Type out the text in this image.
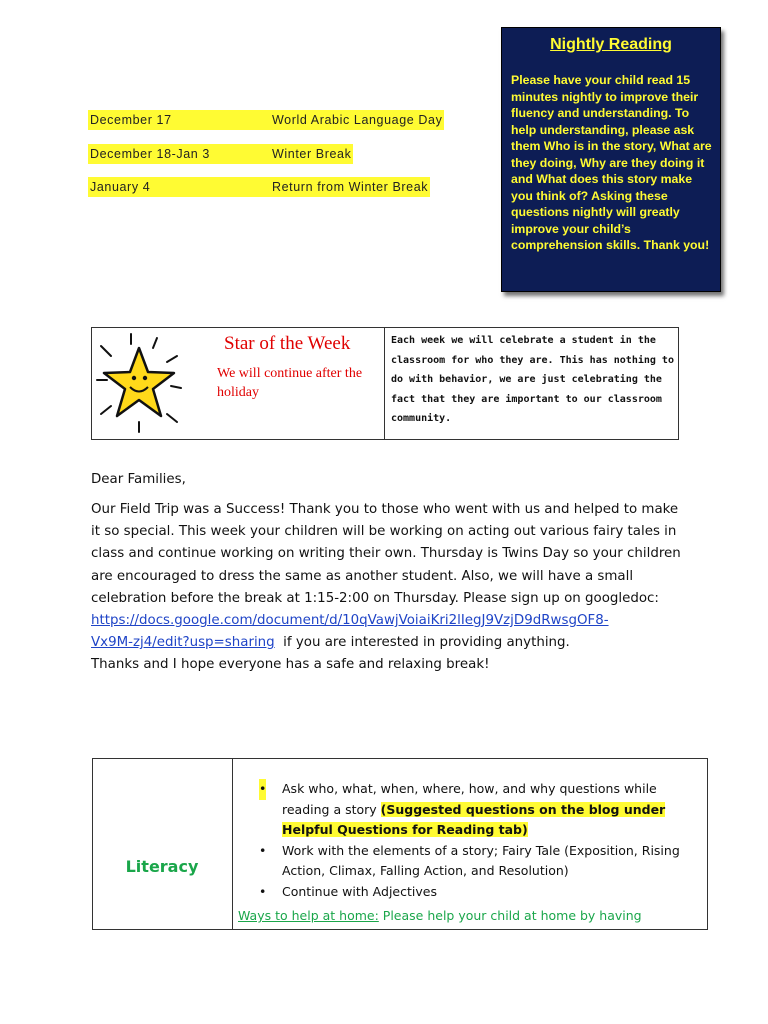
December 17	World Arabic Language Day
December 18-Jan 3	Winter Break
January 4	Return from Winter Break
Nightly Reading
Please have your child read 15 minutes nightly to improve their fluency and understanding. To help understanding, please ask them Who is in the story, What are they doing, Why are they doing it and What does this story make you think of? Asking these questions nightly will greatly improve your child’s comprehension skills. Thank you!
Star of the Week
We will continue after the holiday
Each week we will celebrate a student in the classroom for who they are. This has nothing to do with behavior, we are just celebrating the fact that they are important to our classroom community.
Dear Families,
Our Field Trip was a Success! Thank you to those who went with us and helped to make it so special. This week your children will be working on acting out various fairy tales in class and continue working on writing their own. Thursday is Twins Day so your children are encouraged to dress the same as another student. Also, we will have a small celebration before the break at 1:15-2:00 on Thursday. Please sign up on googledoc:
https://docs.google.com/document/d/10qVawjVoiaiKri2lIegJ9VzjD9dRwsgOF8-
Vx9M-zj4/edit?usp=sharing if you are interested in providing anything.
Thanks and I hope everyone has a safe and relaxing break!
Literacy
• Ask who, what, when, where, how, and why questions while reading a story (Suggested questions on the blog under Helpful Questions for Reading tab)
• Work with the elements of a story; Fairy Tale (Exposition, Rising Action, Climax, Falling Action, and Resolution)
• Continue with Adjectives
Ways to help at home: Please help your child at home by having
